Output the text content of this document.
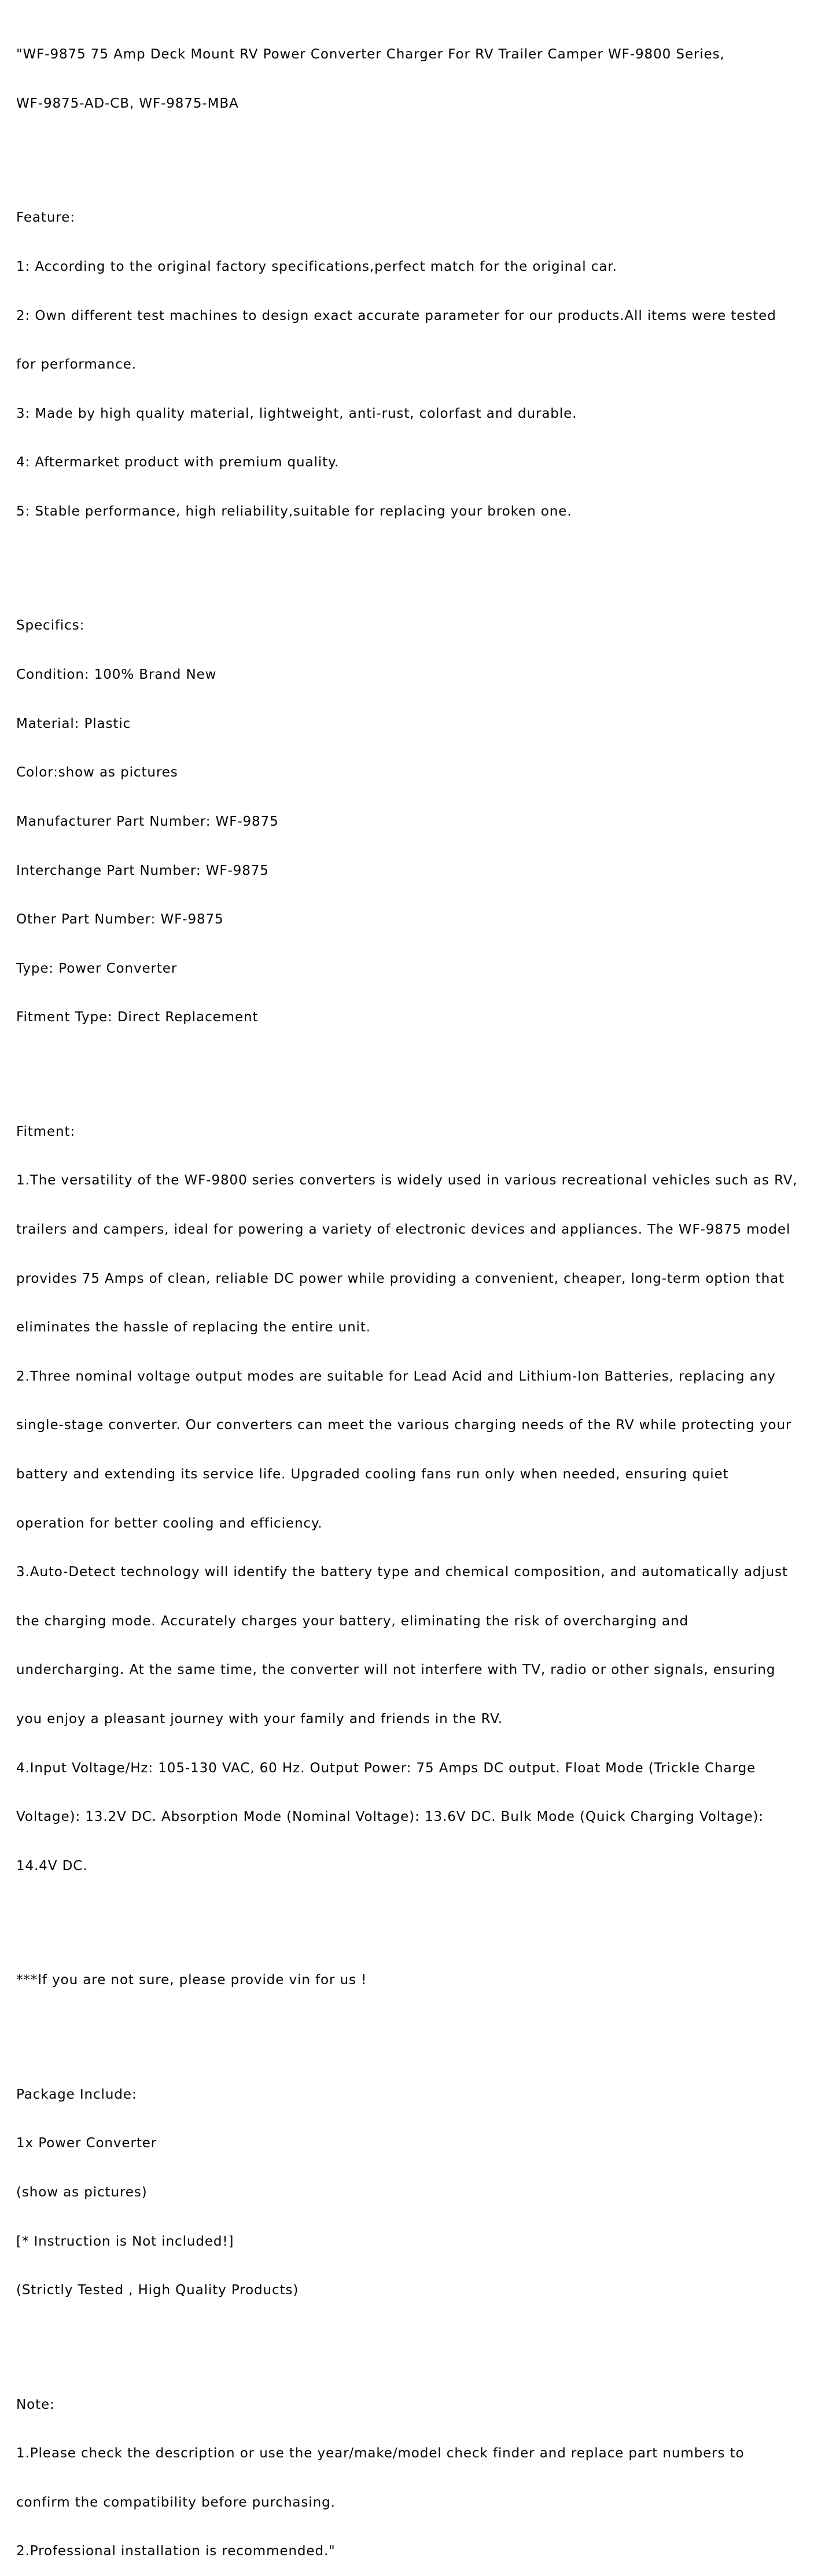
"WF-9875 75 Amp Deck Mount RV Power Converter Charger For RV Trailer Camper WF-9800 Series,

WF-9875-AD-CB, WF-9875-MBA

Feature:

1: According to the original factory specifications,perfect match for the original car.

2: Own different test machines to design exact accurate parameter for our products.All items were tested

for performance.

3: Made by high quality material, lightweight, anti-rust, colorfast and durable.

4: Aftermarket product with premium quality.

5: Stable performance, high reliability,suitable for replacing your broken one.

Specifics:

Condition: 100% Brand New

Material: Plastic

Color:show as pictures

Manufacturer Part Number: WF-9875

Interchange Part Number: WF-9875

Other Part Number: WF-9875

Type: Power Converter

Fitment Type: Direct Replacement

Fitment:

1.The versatility of the WF-9800 series converters is widely used in various recreational vehicles such as RV,

trailers and campers, ideal for powering a variety of electronic devices and appliances. The WF-9875 model

provides 75 Amps of clean, reliable DC power while providing a convenient, cheaper, long-term option that

eliminates the hassle of replacing the entire unit.

2.Three nominal voltage output modes are suitable for Lead Acid and Lithium-Ion Batteries, replacing any

single-stage converter. Our converters can meet the various charging needs of the RV while protecting your

battery and extending its service life. Upgraded cooling fans run only when needed, ensuring quiet

operation for better cooling and efficiency.

3.Auto-Detect technology will identify the battery type and chemical composition, and automatically adjust

the charging mode. Accurately charges your battery, eliminating the risk of overcharging and

undercharging. At the same time, the converter will not interfere with TV, radio or other signals, ensuring

you enjoy a pleasant journey with your family and friends in the RV.

4.Input Voltage/Hz: 105-130 VAC, 60 Hz. Output Power: 75 Amps DC output. Float Mode (Trickle Charge

Voltage): 13.2V DC. Absorption Mode (Nominal Voltage): 13.6V DC. Bulk Mode (Quick Charging Voltage):

14.4V DC.

***If you are not sure, please provide vin for us !

Package Include:

1x Power Converter

(show as pictures)

[* Instruction is Not included!]

(Strictly Tested , High Quality Products)

Note:

1.Please check the description or use the year/make/model check finder and replace part numbers to

confirm the compatibility before purchasing.

2.Professional installation is recommended."
